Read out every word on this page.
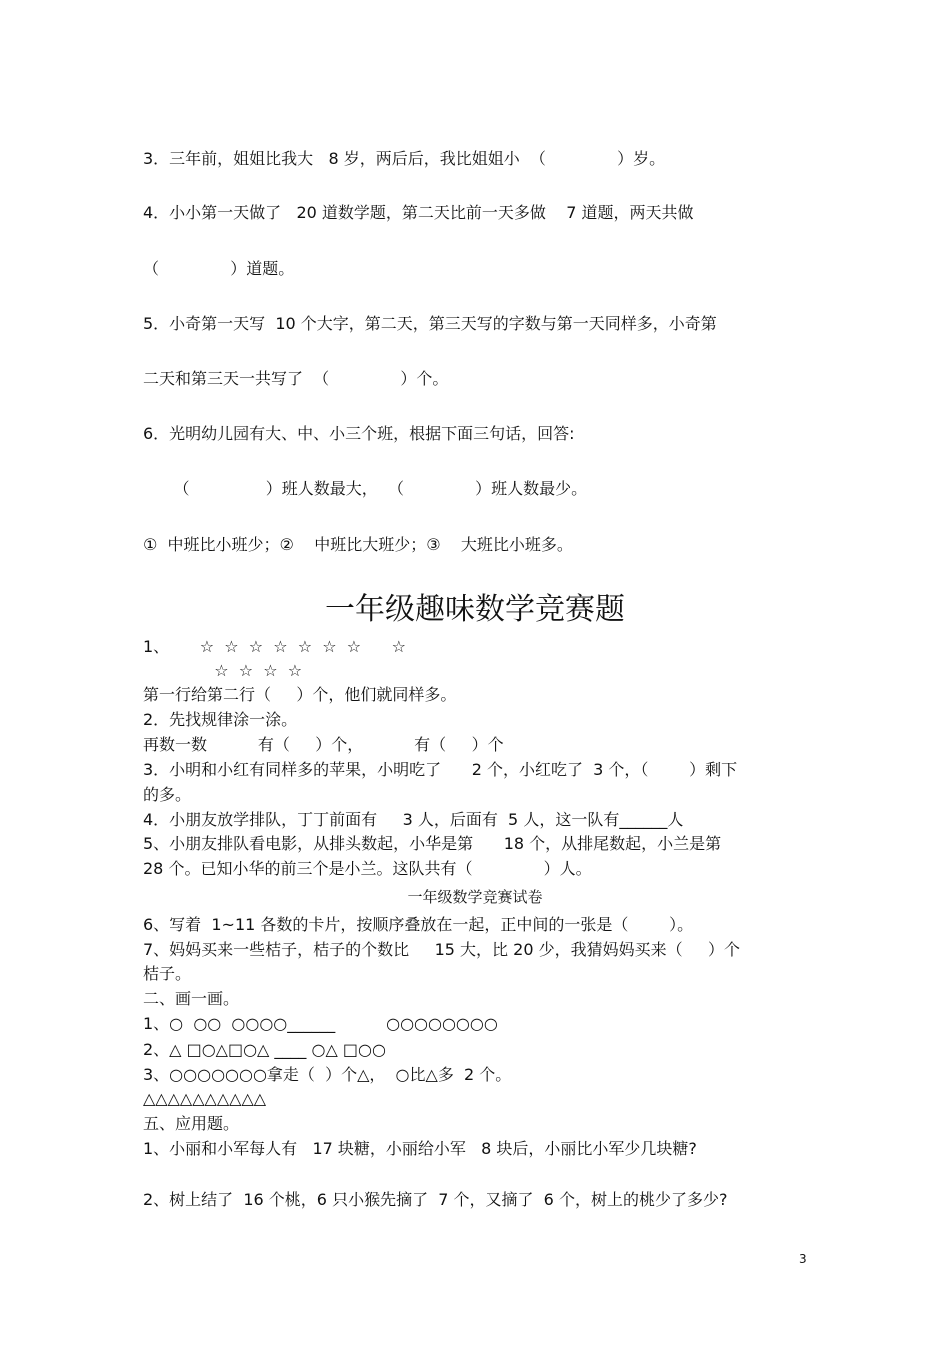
3．三年前，姐姐比我大   8 岁，两后后，我比姐姐小  （              ）岁。
4．小小第一天做了   20 道数学题，第二天比前一天多做    7 道题，两天共做
（              ）道题。
5．小奇第一天写  10 个大字，第二天，第三天写的字数与第一天同样多，小奇第
二天和第三天一共写了  （              ）个。
6．光明幼儿园有大、中、小三个班，根据下面三句话，回答:
（               ）班人数最大，  （              ）班人数最少。
①  中班比小班少；②    中班比大班少；③    大班比小班多。
一年级趣味数学竞赛题
1、      ☆  ☆  ☆  ☆  ☆  ☆  ☆      ☆
☆  ☆  ☆  ☆
第一行给第二行（     ）个，他们就同样多。
2．先找规律涂一涂。
再数一数          有（     ）个，          有（     ）个
3．小明和小红有同样多的苹果，小明吃了      2 个，小红吃了  3 个，（        ）剩下
的多。
4．小朋友放学排队，丁丁前面有     3 人，后面有  5 人，这一队有______人
5、小朋友排队看电影，从排头数起，小华是第      18 个，从排尾数起，小兰是第
28 个。已知小华的前三个是小兰。这队共有（              ）人。
一年级数学竞赛试卷
6、写着  1~11 各数的卡片，按顺序叠放在一起，正中间的一张是（        ）。
7、妈妈买来一些桔子，桔子的个数比     15 大，比 20 少，我猜妈妈买来（     ）个
桔子。
二、画一画。
1、○  ○○  ○○○○______          ○○○○○○○○
2、△ □○△□○△ ____ ○△ □○○
3、○○○○○○○拿走（  ）个△，  ○比△多  2 个。
△△△△△△△△△△
五、应用题。
1、小丽和小军每人有   17 块糖，小丽给小军   8 块后，小丽比小军少几块糖?
2、树上结了  16 个桃，6 只小猴先摘了  7 个，又摘了  6 个，树上的桃少了多少?
3
